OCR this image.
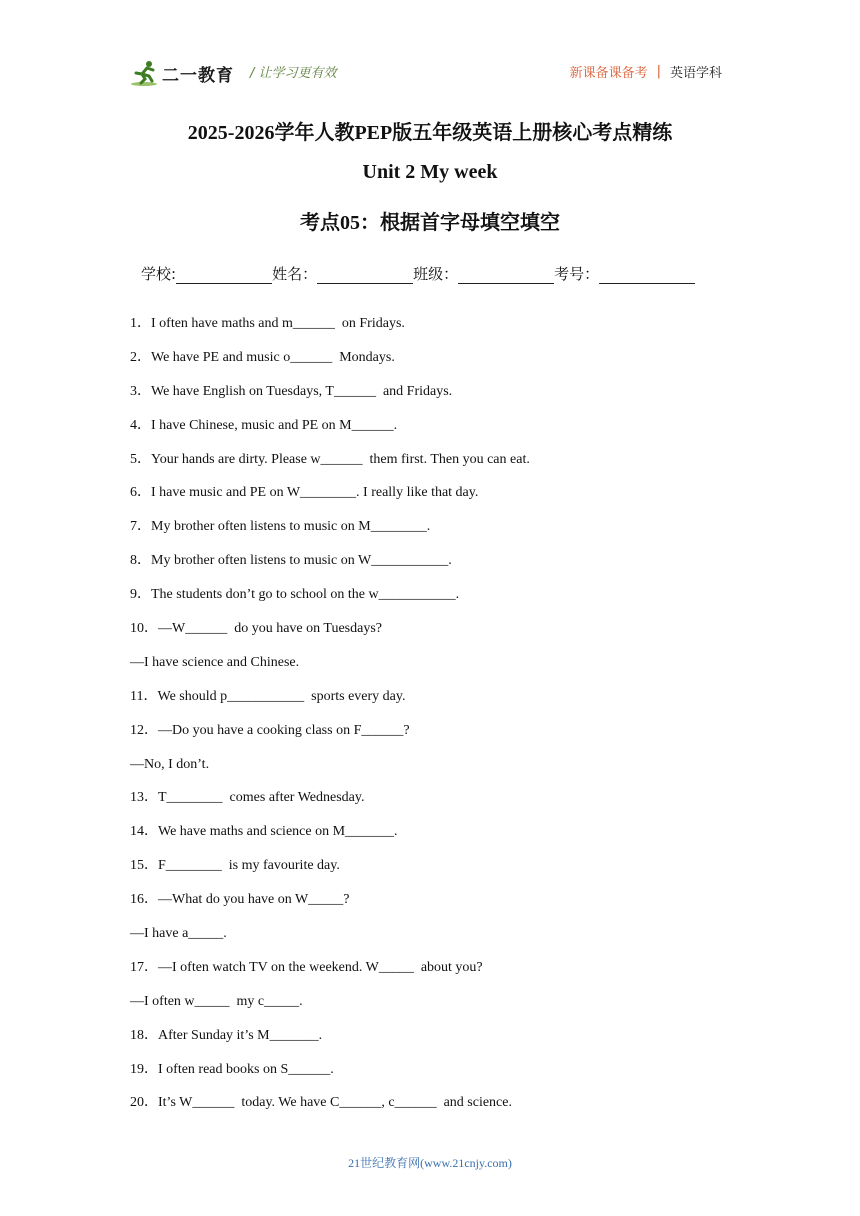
二一教育 / 让学习更有效	新课备课备考 | 英语学科
2025-2026学年人教PEP版五年级英语上册核心考点精练
Unit 2 My week
考点05：根据首字母填空填空
学校:	姓名：	班级：	考号：
1．I often have maths and m______  on Fridays.
2．We have PE and music o______  Mondays.
3．We have English on Tuesdays, T______  and Fridays.
4．I have Chinese, music and PE on M______.
5．Your hands are dirty. Please w______  them first. Then you can eat.
6．I have music and PE on W________. I really like that day.
7．My brother often listens to music on M________.
8．My brother often listens to music on W___________.
9．The students don’t go to school on the w___________.
10．—W______  do you have on Tuesdays?
—I have science and Chinese.
11．We should p___________  sports every day.
12．—Do you have a cooking class on F______?
—No, I don’t.
13．T________  comes after Wednesday.
14．We have maths and science on M_______.
15．F________  is my favourite day.
16．—What do you have on W_____?
—I have a_____.
17．—I often watch TV on the weekend. W_____  about you?
—I often w_____  my c_____.
18．After Sunday it’s M_______.
19．I often read books on S______.
20．It’s W______  today. We have C______, c______  and science.
21世纪教育网(www.21cnjy.com)
